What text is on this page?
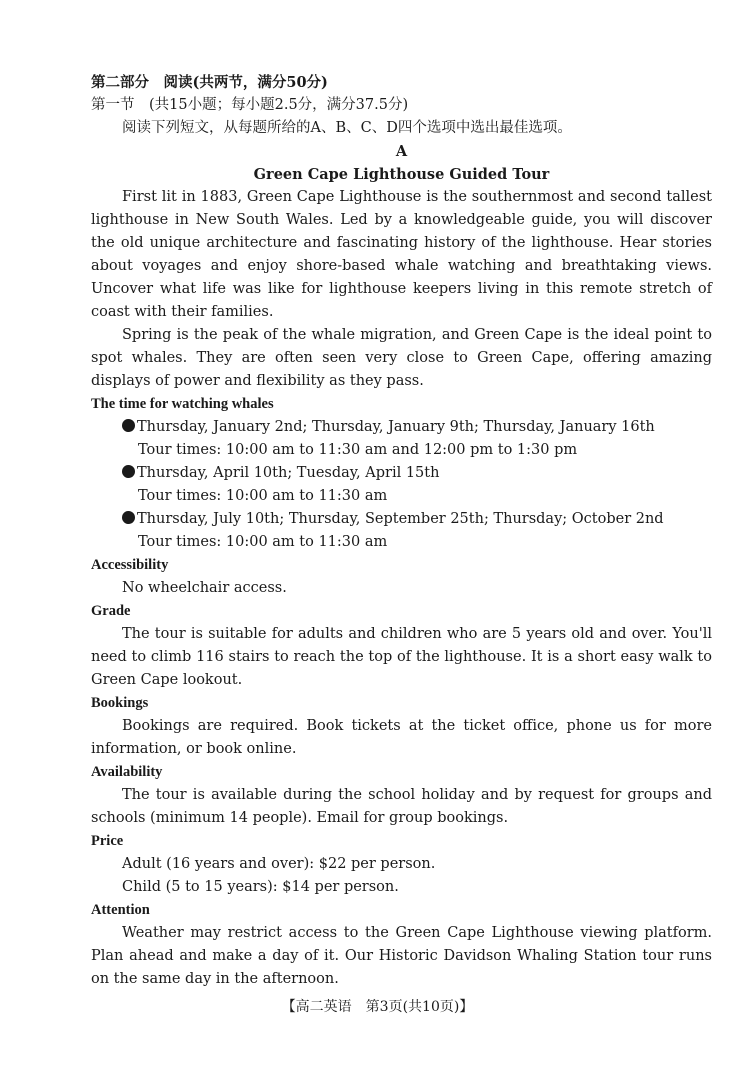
第二部分　阅读(共两节，满分50分)
第一节　(共15小题；每小题2.5分，满分37.5分)
阅读下列短文，从每题所给的A、B、C、D四个选项中选出最佳选项。
A
Green Cape Lighthouse Guided Tour
First lit in 1883, Green Cape Lighthouse is the southernmost and second tallest lighthouse in New South Wales. Led by a knowledgeable guide, you will discover the old unique architecture and fascinating history of the lighthouse. Hear stories about voyages and enjoy shore-based whale watching and breathtaking views. Uncover what life was like for lighthouse keepers living in this remote stretch of coast with their families.
Spring is the peak of the whale migration, and Green Cape is the ideal point to spot whales. They are often seen very close to Green Cape, offering amazing displays of power and flexibility as they pass.
The time for watching whales
Thursday, January 2nd; Thursday, January 9th; Thursday, January 16th
Tour times: 10:00 am to 11:30 am and 12:00 pm to 1:30 pm
Thursday, April 10th; Tuesday, April 15th
Tour times: 10:00 am to 11:30 am
Thursday, July 10th; Thursday, September 25th; Thursday; October 2nd
Tour times: 10:00 am to 11:30 am
Accessibility
No wheelchair access.
Grade
The tour is suitable for adults and children who are 5 years old and over. You'll need to climb 116 stairs to reach the top of the lighthouse. It is a short easy walk to Green Cape lookout.
Bookings
Bookings are required. Book tickets at the ticket office, phone us for more information, or book online.
Availability
The tour is available during the school holiday and by request for groups and schools (minimum 14 people). Email for group bookings.
Price
Adult (16 years and over): $22 per person.
Child (5 to 15 years): $14 per person.
Attention
Weather may restrict access to the Green Cape Lighthouse viewing platform. Plan ahead and make a day of it. Our Historic Davidson Whaling Station tour runs on the same day in the afternoon.
【高二英语　第3页(共10页)】
